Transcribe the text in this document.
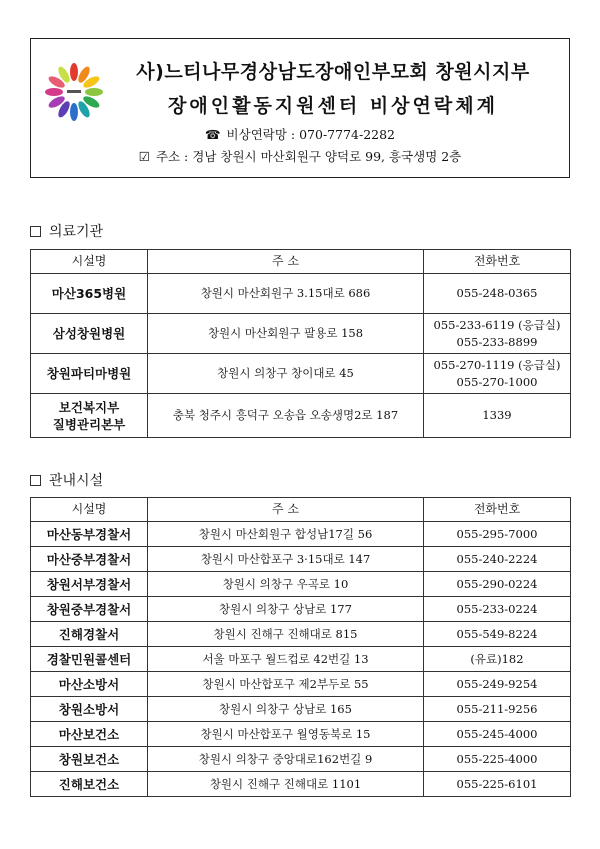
사)느티나무경상남도장애인부모회 창원시지부
장애인활동지원센터 비상연락체계
☎ 비상연락망 : 070-7774-2282
☑ 주소 : 경남 창원시 마산회원구 양덕로 99, 흥국생명 2층
의료기관
시설명	주 소	전화번호
마산365병원	창원시 마산회원구 3.15대로 686	055-248-0365
삼성창원병원	창원시 마산회원구 팔용로 158	055-233-6119 (응급실)
055-233-8899

창원파티마병원	창원시 의창구 창이대로 45	055-270-1119 (응급실)
055-270-1000

보건복지부
질병관리본부	충북 청주시 흥덕구 오송읍 오송생명2로 187	1339
관내시설
시설명	주 소	전화번호
마산동부경찰서	창원시 마산회원구 합성남17길 56	055-295-7000
마산중부경찰서	창원시 마산합포구 3·15대로 147	055-240-2224
창원서부경찰서	창원시 의창구 우곡로 10	055-290-0224
창원중부경찰서	창원시 의창구 상남로 177	055-233-0224
진해경찰서	창원시 진해구 진해대로 815	055-549-8224
경찰민원콜센터	서울 마포구 월드컵로 42번길 13	(유료)182
마산소방서	창원시 마산합포구 제2부두로 55	055-249-9254
창원소방서	창원시 의창구 상남로 165	055-211-9256
마산보건소	창원시 마산합포구 월영동북로 15	055-245-4000
창원보건소	창원시 의창구 중앙대로162번길 9	055-225-4000
진해보건소	창원시 진해구 진해대로 1101	055-225-6101
